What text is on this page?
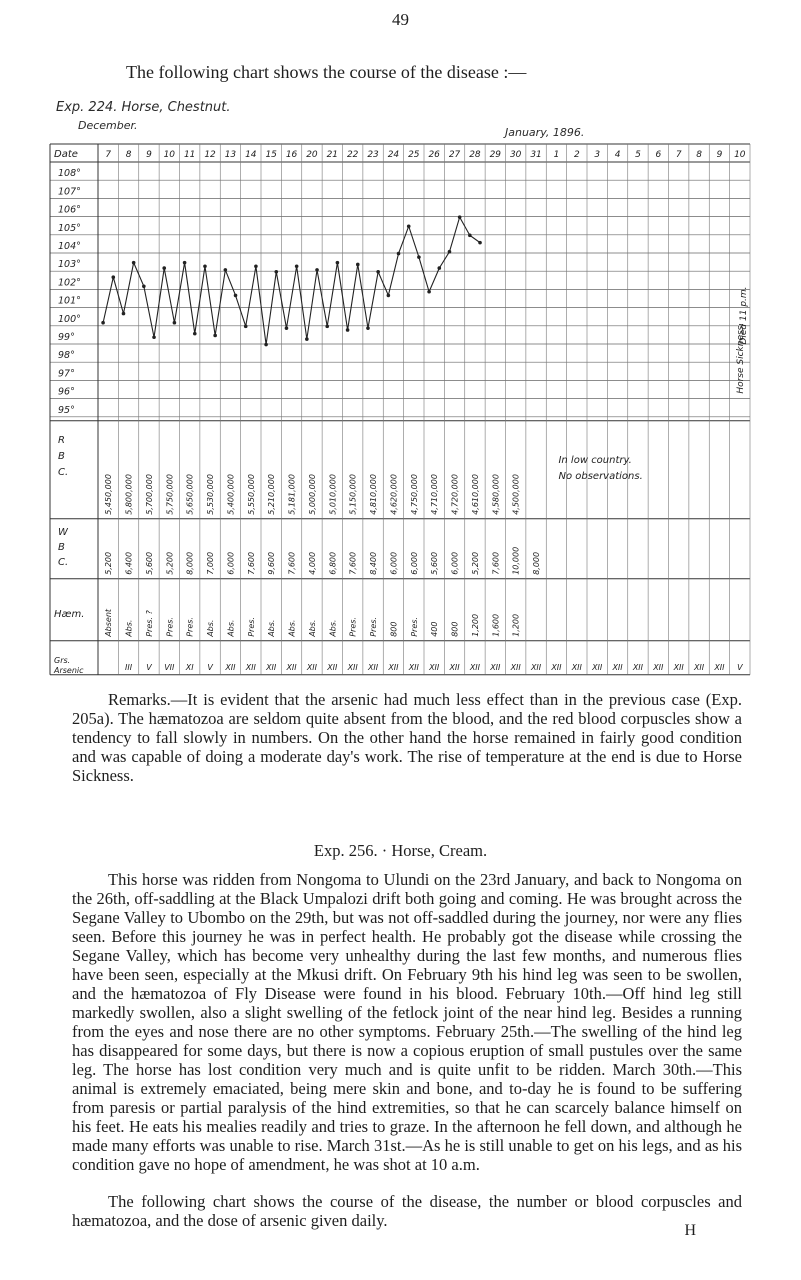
49
The following chart shows the course of the disease :—
Exp. 224. Horse, Chestnut.
December.
January, 1896.
108°
107°
106°
105°
104°
103°
102°
101°
100°
99°
98°
97°
96°
95°
Date	7 8 9 10 11 12 13 14 15 16 20 21 22 23 24 25 26 27 28 29 30 31 1 2 3 4 5 6 7 8 9 10
R
B
C.
W
B
C.
Hæm.
Grs.
Arsenic
5,450,000 5,800,000 5,700,000 5,750,000 5,650,000 5,530,000 5,400,000 5,550,000 5,210,000 5,181,000 5,000,000 5,010,000 5,150,000 4,810,000 4,620,000 4,750,000 4,710,000 4,720,000 4,610,000 4,580,000 4,500,000
5,200 6,400 5,600 5,200 8,000 7,000 6,000 7,600 9,600 7,600 4,000 6,800 7,600 8,400 6,000 6,000 5,600 6,000 5,200 7,600 10,000 8,000
Absent Abs. Pres. ? Pres. Pres. Abs. Abs. Pres. Abs. Abs. Abs. Abs. Pres. Pres. 800 Pres. 400 800 1,200 1,600 1,200
III V VII XI V XII XII XII XII XII XII XII XII XII XII XII XII XII XII XII XII XII XII XII XII XII XII XII XII XII V
In low country.
No observations.
Horse Sickness.
Died 11 p.m.

Remarks.—It is evident that the arsenic had much less effect than in the previous case (Exp. 205a). The hæmatozoa are seldom quite absent from the blood, and the red blood corpuscles show a tendency to fall slowly in numbers. On the other hand the horse remained in fairly good condition and was capable of doing a moderate day's work. The rise of temperature at the end is due to Horse Sickness.

Exp. 256. · Horse, Cream.

This horse was ridden from Nongoma to Ulundi on the 23rd January, and back to Nongoma on the 26th, off-saddling at the Black Umpalozi drift both going and coming. He was brought across the Segane Valley to Ubombo on the 29th, but was not off-saddled during the journey, nor were any flies seen. Before this journey he was in perfect health. He probably got the disease while crossing the Segane Valley, which has become very unhealthy during the last few months, and numerous flies have been seen, especially at the Mkusi drift. On February 9th his hind leg was seen to be swollen, and the hæmatozoa of Fly Disease were found in his blood. February 10th.—Off hind leg still markedly swollen, also a slight swelling of the fetlock joint of the near hind leg. Besides a running from the eyes and nose there are no other symptoms. February 25th.—The swelling of the hind leg has disappeared for some days, but there is now a copious eruption of small pustules over the same leg. The horse has lost condition very much and is quite unfit to be ridden. March 30th.—This animal is extremely emaciated, being mere skin and bone, and to-day he is found to be suffering from paresis or partial paralysis of the hind extremities, so that he can scarcely balance himself on his feet. He eats his mealies readily and tries to graze. In the afternoon he fell down, and although he made many efforts was unable to rise. March 31st.—As he is still unable to get on his legs, and as his condition gave no hope of amendment, he was shot at 10 a.m.

The following chart shows the course of the disease, the number or blood corpuscles and hæmatozoa, and the dose of arsenic given daily.

H
